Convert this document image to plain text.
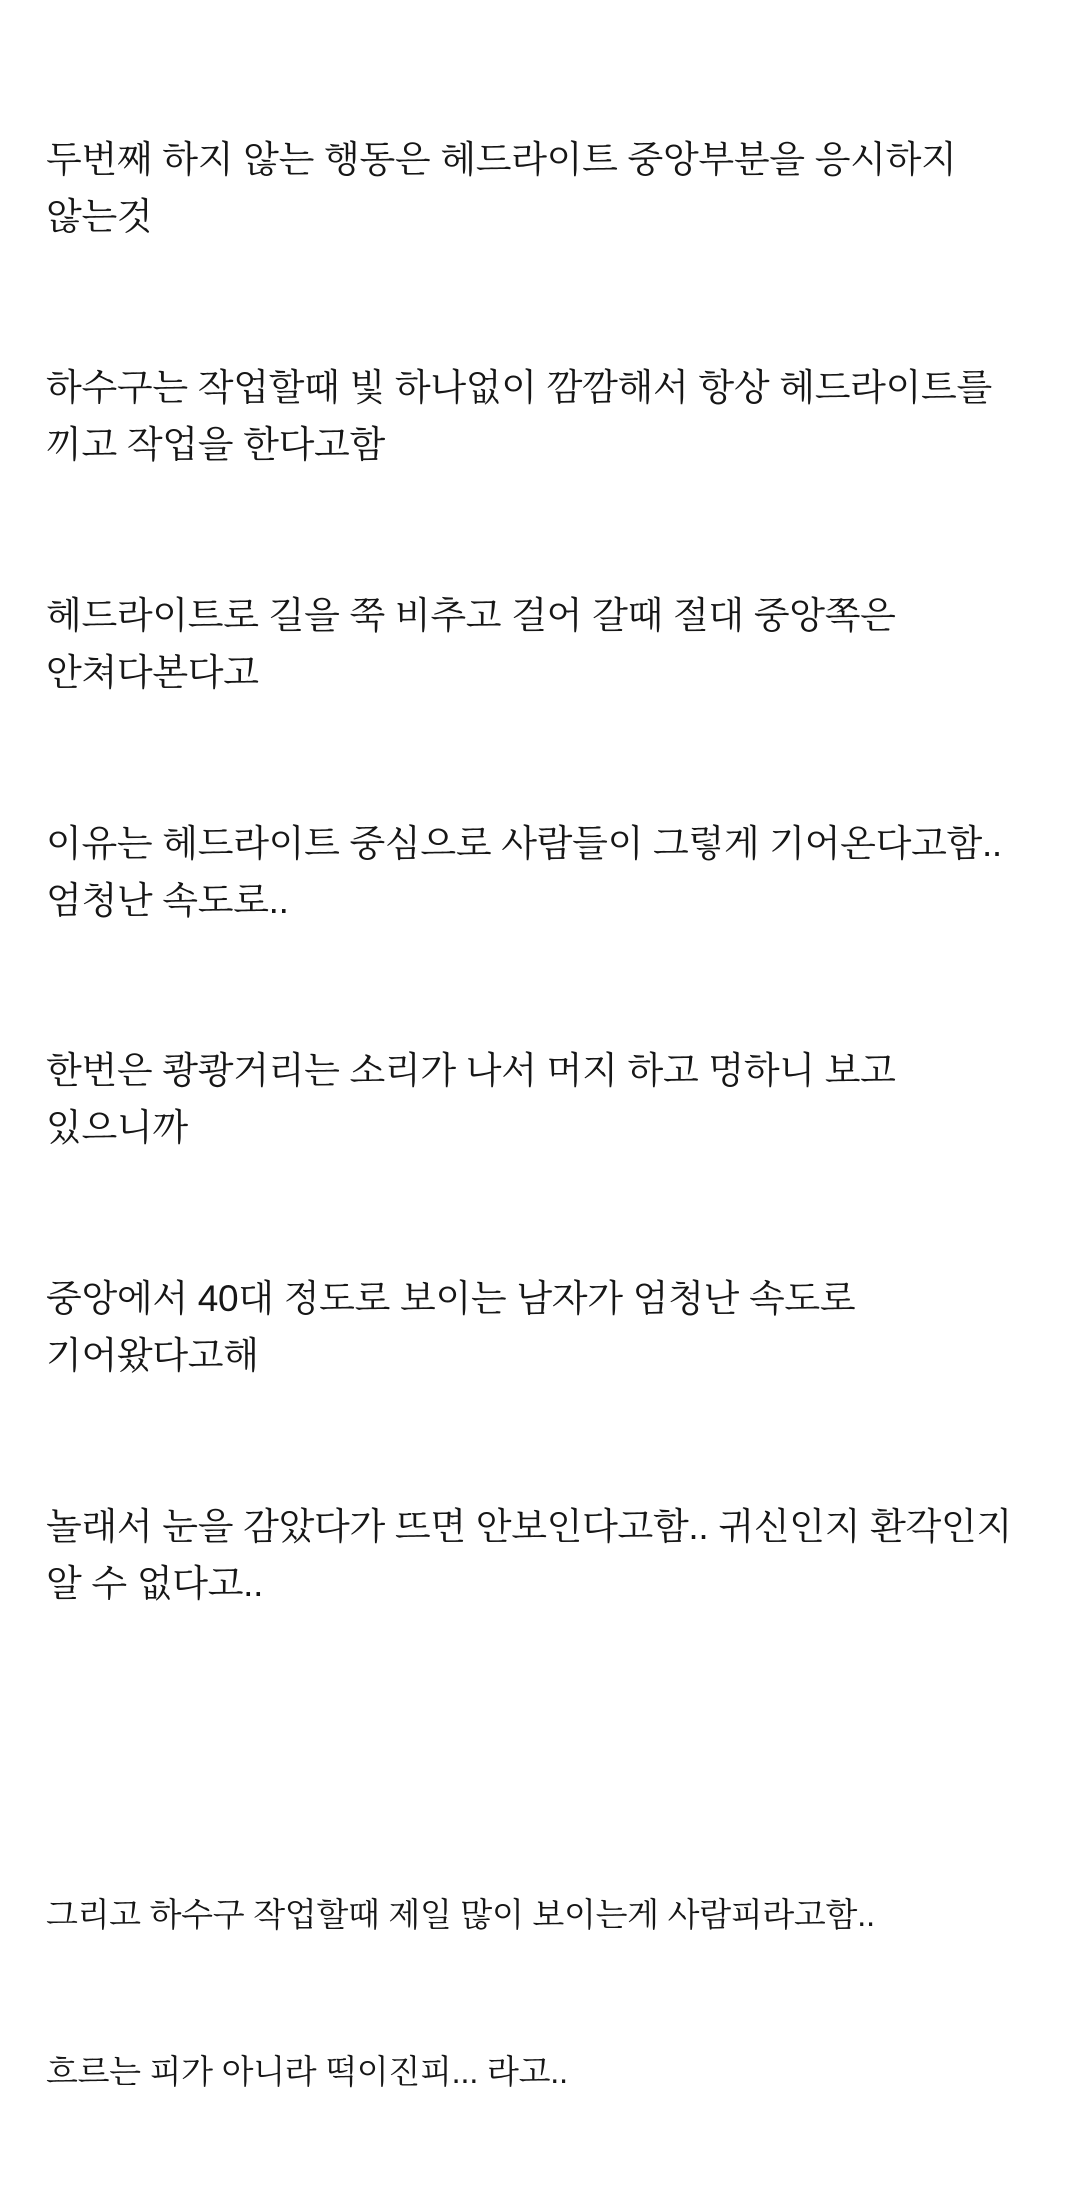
두번째 하지 않는 행동은 헤드라이트 중앙부분을 응시하지 않는것

하수구는 작업할때 빛 하나없이 깜깜해서 항상 헤드라이트를 끼고 작업을 한다고함

헤드라이트로 길을 쭉 비추고 걸어 갈때 절대 중앙쪽은 안쳐다본다고

이유는 헤드라이트 중심으로 사람들이 그렇게 기어온다고함..엄청난 속도로..

한번은 쾅쾅거리는 소리가 나서 머지 하고 멍하니 보고 있으니까

중앙에서 40대 정도로 보이는 남자가 엄청난 속도로 기어왔다고해

놀래서 눈을 감았다가 뜨면 안보인다고함.. 귀신인지 환각인지 알 수 없다고..

그리고 하수구 작업할때 제일 많이 보이는게 사람피라고함..

흐르는 피가 아니라 떡이진피... 라고..
